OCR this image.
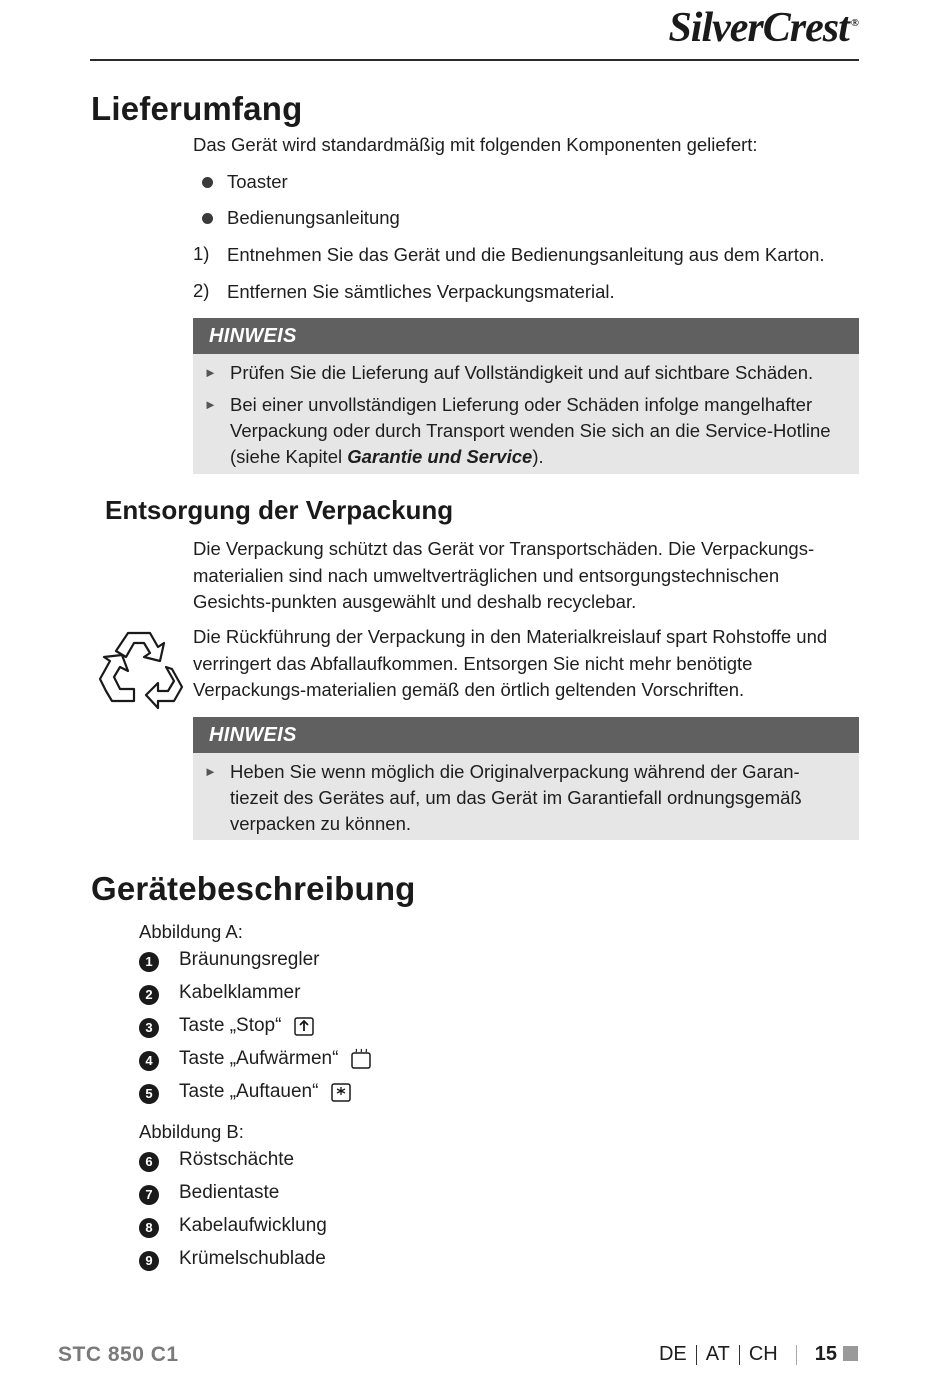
SilverCrest ®
Lieferumfang
Das Gerät wird standardmäßig mit folgenden Komponenten geliefert:
Toaster
Bedienungsanleitung
1) Entnehmen Sie das Gerät und die Bedienungsanleitung aus dem Karton.
2) Entfernen Sie sämtliches Verpackungsmaterial.
HINWEIS
► Prüfen Sie die Lieferung auf Vollständigkeit und auf sichtbare Schäden.
► Bei einer unvollständigen Lieferung oder Schäden infolge mangelhafter Verpackung oder durch Transport wenden Sie sich an die Service-Hotline (siehe Kapitel Garantie und Service).
Entsorgung der Verpackung
Die Verpackung schützt das Gerät vor Transportschäden. Die Verpackungs-materialien sind nach umweltverträglichen und entsorgungstechnischen Gesichts-punkten ausgewählt und deshalb recyclebar.
Die Rückführung der Verpackung in den Materialkreislauf spart Rohstoffe und verringert das Abfallaufkommen. Entsorgen Sie nicht mehr benötigte Verpackungs-materialien gemäß den örtlich geltenden Vorschriften.
HINWEIS
► Heben Sie wenn möglich die Originalverpackung während der Garan-tiezeit des Gerätes auf, um das Gerät im Garantiefall ordnungsgemäß verpacken zu können.
Gerätebeschreibung
Abbildung A:
1	Bräunungsregler
2	Kabelklammer
3	Taste „Stop“
4	Taste „Aufwärmen“
5	Taste „Auftauen“
Abbildung B:
6	Röstschächte
7	Bedientaste
8	Kabelaufwicklung
9	Krümelschublade
STC 850 C1	DE AT CH 15
